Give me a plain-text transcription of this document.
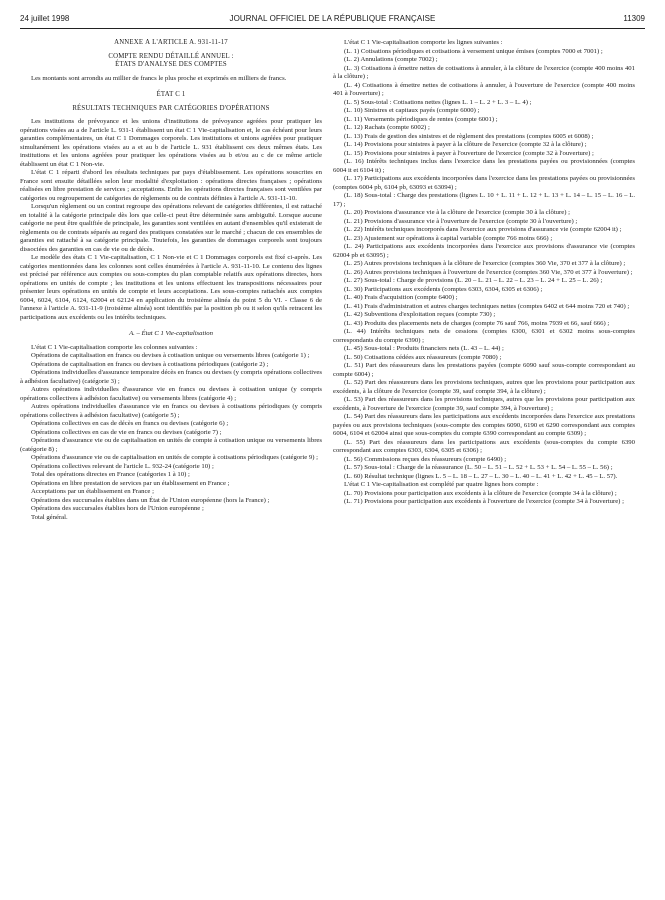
24 juillet 1998	JOURNAL OFFICIEL DE LA RÉPUBLIQUE FRANÇAISE	11309

ANNEXE À L'ARTICLE A. 931-11-17

COMPTE RENDU DÉTAILLÉ ANNUEL :

ÉTATS D'ANALYSE DES COMPTES

Les montants sont arrondis au millier de francs le plus proche et exprimés en milliers de francs.

ÉTAT C 1

RÉSULTATS TECHNIQUES PAR CATÉGORIES D'OPÉRATIONS

Les institutions de prévoyance et les unions d'institutions de prévoyance agréées pour pratiquer les opérations visées au a de l'article L. 931-1 établissent un état C 1 Vie-capitalisation et, le cas échéant pour leurs garanties complémentaires, un état C 1 Dommages corporels. Les institutions et unions agréées pour pratiquer simultanément les opérations visées au a et au b de l'article L. 931 établissent ces deux mêmes états. Les institutions et les unions agréées pour pratiquer les opérations visées au b et/ou au c de ce même article établissent un état C 1 Non-vie.

L'état C 1 réparti d'abord les résultats techniques par pays d'établissement. Les opérations souscrites en France sont ensuite détaillées selon leur modalité d'exploitation : opérations directes françaises ; opérations réalisées en libre prestation de services ; acceptations. Enfin les opérations directes françaises sont ventilées par catégories ou regroupement de catégories de règlements ou de contrats définies à l'article A. 931-11-10.

Lorsqu'un règlement ou un contrat regroupe des opérations relevant de catégories différentes, il est rattaché en totalité à la catégorie principale dès lors que celle-ci peut être déterminée sans ambiguïté. Lorsque aucune catégorie ne peut être qualifiée de principale, les garanties sont ventilées en autant d'ensembles qu'il existerait de règlements ou de contrats séparés au regard des pratiques constatées sur le marché ; chacun de ces ensembles de garanties est rattaché à sa catégorie principale. Toutefois, les garanties de dommages corporels sont toujours dissociées des garanties en cas de vie ou de décès.

Le modèle des états C 1 Vie-capitalisation, C 1 Non-vie et C 1 Dommages corporels est fixé ci-après. Les catégories mentionnées dans les colonnes sont celles énumérées à l'article A. 931-11-10. Le contenu des lignes est précisé par référence aux comptes ou sous-comptes du plan comptable relatifs aux opérations directes, hors opérations en unités de compte ; les institutions et les unions effectuent les transpositions nécessaires pour présenter leurs opérations en unités de compte et leurs acceptations. Les sous-comptes rattachés aux comptes 6004, 6024, 6104, 6124, 62004 et 62124 en application du troisième alinéa du point 5 du VI. - Classe 6 de l'annexe à l'article A. 931-11-9 (troisième alinéa) sont identifiés par la position pb ou it selon qu'ils retracent les participations aux excédents ou les intérêts techniques.

A. – État C 1 Vie-capitalisation

L'état C 1 Vie-capitalisation comporte les colonnes suivantes :

Opérations de capitalisation en francs ou devises à cotisation unique ou versements libres (catégorie 1) ;

Opérations de capitalisation en francs ou devises à cotisations périodiques (catégorie 2) ;

Opérations individuelles d'assurance temporaire décès en francs ou devises (y compris opérations collectives à adhésion facultative) (catégorie 3) ;

Autres opérations individuelles d'assurance vie en francs ou devises à cotisation unique (y compris opérations collectives à adhésion facultative) ou versements libres (catégorie 4) ;

Autres opérations individuelles d'assurance vie en francs ou devises à cotisations périodiques (y compris opérations collectives à adhésion facultative) (catégorie 5) ;

Opérations collectives en cas de décès en francs ou devises (catégorie 6) ;

Opérations collectives en cas de vie en francs ou devises (catégorie 7) ;

Opérations d'assurance vie ou de capitalisation en unités de compte à cotisation unique ou versements libres (catégorie 8) ;

Opérations d'assurance vie ou de capitalisation en unités de compte à cotisations périodiques (catégorie 9) ;

Opérations collectives relevant de l'article L. 932-24 (catégorie 10) ;

Total des opérations directes en France (catégories 1 à 10) ;

Opérations en libre prestation de services par un établissement en France ;

Acceptations par un établissement en France ;

Opérations des succursales établies dans un État de l'Union européenne (hors la France) ;

Opérations des succursales établies hors de l'Union européenne ;

Total général.

L'état C 1 Vie-capitalisation comporte les lignes suivantes :

(L. 1) Cotisations périodiques et cotisations à versement unique émises (comptes 7000 et 7001) ;

(L. 2) Annulations (compte 7002) ;

(L. 3) Cotisations à émettre nettes de cotisations à annuler, à la clôture de l'exercice (compte 400 moins 401 à la clôture) ;

(L. 4) Cotisations à émettre nettes de cotisations à annuler, à l'ouverture de l'exercice (compte 400 moins 401 à l'ouverture) ;

(L. 5) Sous-total : Cotisations nettes (lignes L. 1 – L. 2 + L. 3 – L. 4) ;

(L. 10) Sinistres et capitaux payés (compte 6000) ;

(L. 11) Versements périodiques de rentes (compte 6001) ;

(L. 12) Rachats (compte 6002) ;

(L. 13) Frais de gestion des sinistres et de règlement des prestations (comptes 6005 et 6008) ;

(L. 14) Provisions pour sinistres à payer à la clôture de l'exercice (compte 32 à la clôture) ;

(L. 15) Provisions pour sinistres à payer à l'ouverture de l'exercice (compte 32 à l'ouverture) ;

(L. 16) Intérêts techniques inclus dans l'exercice dans les prestations payées ou provisionnées (comptes 6004 it et 6104 it) ;

(L. 17) Participations aux excédents incorporées dans l'exercice dans les prestations payées ou provisionnées (comptes 6004 pb, 6104 pb, 63093 et 63094) ;

(L. 18) Sous-total : Charge des prestations (lignes L. 10 + L. 11 + L. 12 + L. 13 + L. 14 – L. 15 – L. 16 – L. 17) ;

(L. 20) Provisions d'assurance vie à la clôture de l'exercice (compte 30 à la clôture) ;

(L. 21) Provisions d'assurance vie à l'ouverture de l'exercice (compte 30 à l'ouverture) ;

(L. 22) Intérêts techniques incorporés dans l'exercice aux provisions d'assurance vie (compte 62004 it) ;

(L. 23) Ajustement sur opérations à capital variable (compte 766 moins 666) ;

(L. 24) Participations aux excédents incorporées dans l'exercice aux provisions d'assurance vie (comptes 62004 pb et 63095) ;

(L. 25) Autres provisions techniques à la clôture de l'exercice (comptes 360 Vie, 370 et 377 à la clôture) ;

(L. 26) Autres provisions techniques à l'ouverture de l'exercice (comptes 360 Vie, 370 et 377 à l'ouverture) ;

(L. 27) Sous-total : Charge de provisions (L. 20 – L. 21 – L. 22 – L. 23 – L. 24 + L. 25 – L. 26) ;

(L. 30) Participations aux excédents (comptes 6303, 6304, 6305 et 6306) ;

(L. 40) Frais d'acquisition (compte 6400) ;

(L. 41) Frais d'administration et autres charges techniques nettes (comptes 6402 et 644 moins 720 et 740) ;

(L. 42) Subventions d'exploitation reçues (compte 730) ;

(L. 43) Produits des placements nets de charges (compte 76 sauf 766, moins 7939 et 66, sauf 666) ;

(L. 44) Intérêts techniques nets de cessions (comptes 6300, 6301 et 6302 moins sous-comptes correspondants du compte 6390) ;

(L. 45) Sous-total : Produits financiers nets (L. 43 – L. 44) ;

(L. 50) Cotisations cédées aux réassureurs (compte 7080) ;

(L. 51) Part des réassureurs dans les prestations payées (compte 6090 sauf sous-compte correspondant au compte 6004) ;

(L. 52) Part des réassureurs dans les provisions techniques, autres que les provisions pour participation aux excédents, à la clôture de l'exercice (compte 39, sauf compte 394, à la clôture) ;

(L. 53) Part des réassureurs dans les provisions techniques, autres que les provisions pour participation aux excédents, à l'ouverture de l'exercice (compte 39, sauf compte 394, à l'ouverture) ;

(L. 54) Part des réassureurs dans les participations aux excédents incorporées dans l'exercice aux prestations payées ou aux provisions techniques (sous-compte des comptes 6090, 6190 et 6290 correspondant aux comptes 6004, 6104 et 62004 ainsi que sous-comptes du compte 6390 correspondant au compte 6309) ;

(L. 55) Part des réassureurs dans les participations aux excédents (sous-comptes du compte 6390 correspondant aux comptes 6303, 6304, 6305 et 6306) ;

(L. 56) Commissions reçues des réassureurs (compte 6490) ;

(L. 57) Sous-total : Charge de la réassurance (L. 50 – L. 51 – L. 52 + L. 53 + L. 54 – L. 55 – L. 56) ;

(L. 60) Résultat technique (lignes L. 5 – L. 18 – L. 27 – L. 30 – L. 40 – L. 41 + L. 42 + L. 45 – L. 57).

L'état C 1 Vie-capitalisation est complété par quatre lignes hors compte :

(L. 70) Provisions pour participation aux excédents à la clôture de l'exercice (compte 34 à la clôture) ;

(L. 71) Provisions pour participation aux excédents à l'ouverture de l'exercice (compte 34 à l'ouverture) ;
